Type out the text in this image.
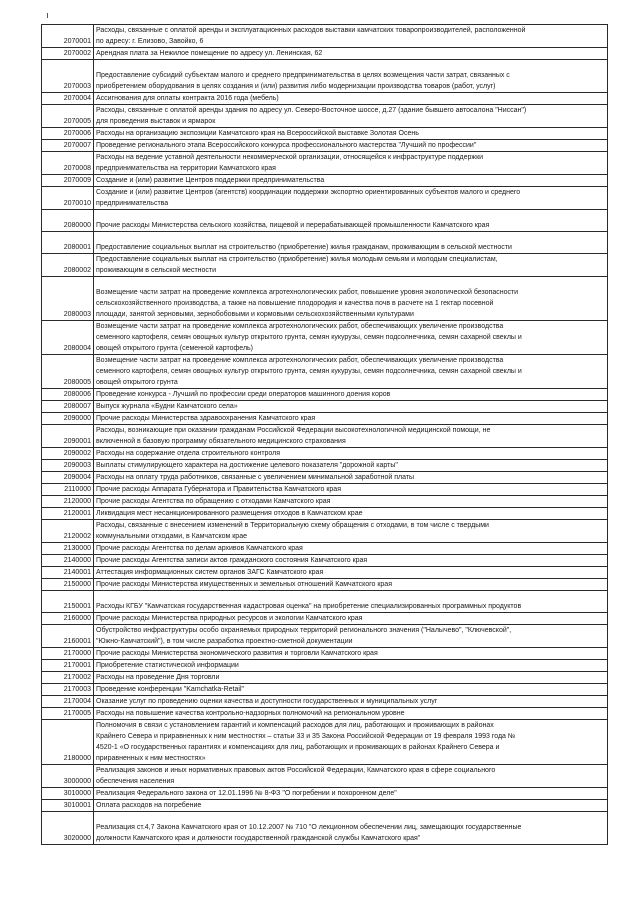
2070001	Расходы, связанные с оплатой аренды и эксплуатационных расходов выставки камчатских товаропроизводителей, расположенной
по адресу: г. Елизово, Завойко, 6
2070002	Арендная плата за Нежилое помещение по адресу ул. Ленинская, 62
2070003	Предоставление субсидий субъектам малого и среднего предпринимательства в целях возмещения части затрат, связанных с
приобретением оборудования в целях создания и (или) развития либо модернизации производства товаров (работ, услуг)
2070004	Ассигнования для оплаты контракта 2016 года (мебель)
2070005	Расходы, связанные с оплатой аренды здания по адресу ул. Северо-Восточное шоссе, д.27 (здание бывшего автосалона "Ниссан")
для проведения выставок и ярмарок
2070006	Расходы на организацию экспозиции Камчатского края на Всероссийской выставке Золотая Осень
2070007	Проведение регионального этапа Всероссийского конкурса профессионального мастерства "Лучший по профессии"
2070008	Расходы на ведение уставной деятельности некоммерческой организации, относящейся к инфраструктуре поддержки
предпринимательства на территории Камчатского края
2070009	Создание и (или) развитие Центров поддержки предпринимательства
2070010	Создание и (или) развитие Центров (агентств) координации поддержки экспортно ориентированных субъектов малого и среднего
предпринимательства
2080000	Прочие расходы Министерства сельского хозяйства, пищевой и перерабатывающей промышленности Камчатского края
2080001	Предоставление социальных выплат на строительство (приобретение) жилья гражданам, проживающим в сельской местности
2080002	Предоставление социальных выплат на строительство (приобретение) жилья молодым семьям и молодым специалистам,
проживающим в сельской местности
2080003	Возмещение части затрат на проведение комплекса агротехнологических работ, повышение уровня экологической безопасности
сельскохозяйственного производства, а также на повышение плодородия и качества почв в расчете на 1 гектар посевной
площади, занятой зерновыми, зернобобовыми и кормовыми сельскохозяйственными культурами
2080004	Возмещение части затрат на проведение комплекса агротехнологических работ, обеспечивающих увеличение производства
семенного картофеля, семян овощных культур открытого грунта, семян кукурузы, семян подсолнечника, семян сахарной свеклы и
овощей открытого грунта (семенной картофель)
2080005	Возмещение части затрат на проведение комплекса агротехнологических работ, обеспечивающих увеличение производства
семенного картофеля, семян овощных культур открытого грунта, семян кукурузы, семян подсолнечника, семян сахарной свеклы и
овощей открытого грунта
2080006	Проведение конкурса - Лучший по профессии среди операторов машинного доения коров
2080007	Выпуск журнала «Будни Камчатского села»
2090000	Прочие расходы Министерства здравоохранения Камчатского края
2090001	Расходы, возникающие при оказании гражданам Российской Федерации высокотехнологичной медицинской помощи, не
включенной в базовую программу обязательного медицинского страхования
2090002	Расходы на содержание отдела строительного контроля
2090003	Выплаты стимулирующего характера на достижение целевого показателя "дорожной карты"
2090004	Расходы на оплату труда работников, связанные с увеличением минимальной заработной платы
2110000	Прочие расходы Аппарата Губернатора и Правительства Камчатского края
2120000	Прочие расходы Агентства по обращению с отходами Камчатского края
2120001	Ликвидация мест несанкционированного размещения отходов в Камчатском крае
2120002	Расходы, связанные с внесением изменений в Территориальную схему обращения с отходами, в том числе с твердыми
коммунальными отходами, в Камчатском крае
2130000	Прочие расходы Агентства по делам архивов Камчатского края
2140000	Прочие расходы Агентства записи актов гражданского состояния Камчатского края
2140001	Аттестация информационных систем органов ЗАГС Камчатского края
2150000	Прочие расходы Министерства имущественных и земельных отношений Камчатского края
2150001	Расходы КГБУ "Камчатская государственная кадастровая оценка" на приобретение специализированных программных продуктов
2160000	Прочие расходы Министерства природных ресурсов и экологии Камчатского края
2160001	Обустройство инфраструктуры особо охраняемых природных территорий регионального значения ("Налычево", "Ключевской",
"Южно-Камчатский"), в том числе разработка проектно-сметной документации
2170000	Прочие расходы Министерства экономического развития и торговли Камчатского края
2170001	Приобретение статистической информации
2170002	Расходы на проведение Дня торговли
2170003	Проведение конференции "Kamchatka-Retail"
2170004	Оказание услуг по проведению оценки качества и доступности государственных и муниципальных услуг
2170005	Расходы на повышение качества контрольно-надзорных полномочий на региональном уровне
2180000	Полномочия в связи с установлением гарантий и компенсаций расходов для лиц, работающих и проживающих в районах
Крайнего Севера и приравненных к ним местностях – статьи 33 и 35 Закона Российской Федерации от 19 февраля 1993 года №
4520-1 «О государственных гарантиях и компенсациях для лиц, работающих и проживающих в районах Крайнего Севера и
приравненных к ним местностях»
3000000	Реализация законов и иных нормативных правовых актов Российской Федерации, Камчатского края в сфере социального
обеспечения населения
3010000	Реализация Федерального закона от 12.01.1996 № 8-ФЗ "О погребении и похоронном деле"
3010001	Оплата расходов на погребение
3020000	Реализация ст.4,7 Закона Камчатского края от 10.12.2007 № 710 "О лекционном обеспечении лиц, замещающих государственные
должности Камчатского края и должности государственной гражданской службы Камчатского края"
